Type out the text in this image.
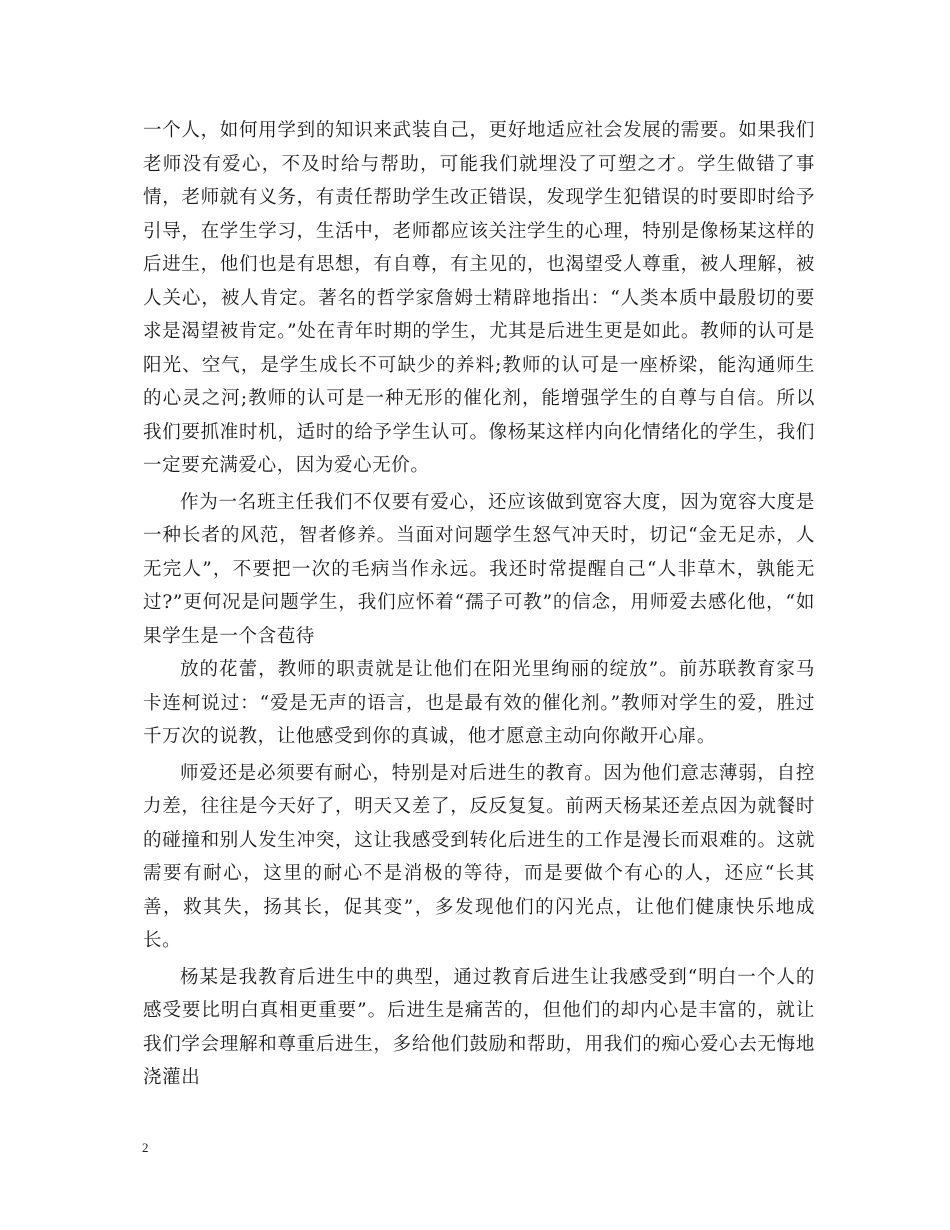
一个人，如何用学到的知识来武装自己，更好地适应社会发展的需要。如果我们老师没有爱心，不及时给与帮助，可能我们就埋没了可塑之才。学生做错了事情，老师就有义务，有责任帮助学生改正错误，发现学生犯错误的时要即时给予引导，在学生学习，生活中，老师都应该关注学生的心理，特别是像杨某这样的后进生，他们也是有思想，有自尊，有主见的，也渴望受人尊重，被人理解，被人关心，被人肯定。著名的哲学家詹姆士精辟地指出：“人类本质中最殷切的要求是渴望被肯定。”处在青年时期的学生，尤其是后进生更是如此。教师的认可是阳光、空气，是学生成长不可缺少的养料;教师的认可是一座桥梁，能沟通师生的心灵之河;教师的认可是一种无形的催化剂，能增强学生的自尊与自信。所以我们要抓准时机，适时的给予学生认可。像杨某这样内向化情绪化的学生，我们一定要充满爱心，因为爱心无价。

作为一名班主任我们不仅要有爱心，还应该做到宽容大度，因为宽容大度是一种长者的风范，智者修养。当面对问题学生怒气冲天时，切记“金无足赤，人无完人”，不要把一次的毛病当作永远。我还时常提醒自己“人非草木，孰能无过?”更何况是问题学生，我们应怀着“孺子可教”的信念，用师爱去感化他，“如果学生是一个含苞待

放的花蕾，教师的职责就是让他们在阳光里绚丽的绽放”。前苏联教育家马卡连柯说过：“爱是无声的语言，也是最有效的催化剂。”教师对学生的爱，胜过千万次的说教，让他感受到你的真诚，他才愿意主动向你敞开心扉。

师爱还是必须要有耐心，特别是对后进生的教育。因为他们意志薄弱，自控力差，往往是今天好了，明天又差了，反反复复。前两天杨某还差点因为就餐时的碰撞和别人发生冲突，这让我感受到转化后进生的工作是漫长而艰难的。这就需要有耐心，这里的耐心不是消极的等待，而是要做个有心的人，还应“长其善，救其失，扬其长，促其变”，多发现他们的闪光点，让他们健康快乐地成长。

杨某是我教育后进生中的典型，通过教育后进生让我感受到“明白一个人的感受要比明白真相更重要”。后进生是痛苦的，但他们的却内心是丰富的，就让我们学会理解和尊重后进生，多给他们鼓励和帮助，用我们的痴心爱心去无悔地浇灌出

2
